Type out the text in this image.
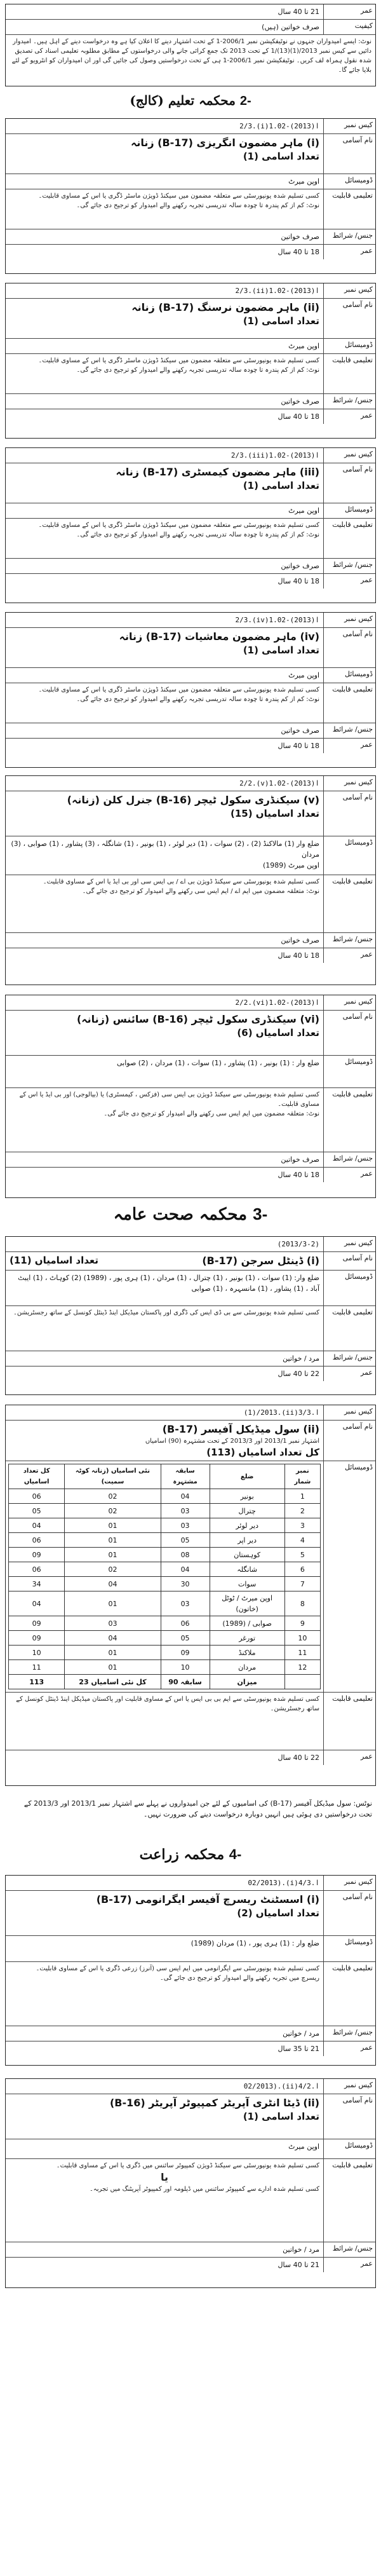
عمر
21 تا 40 سال
کیفیت
صرف خواتین (ہیں)
نوٹ: ایسے امیدواران جنہوں نے نوٹیفکیشن نمبر 2006/1-1 کے تحت اشتہار دینے کا اعلان کیا ہے وہ درخواست دینے کے اہل ہیں۔ امیدوار دائیں سے کیس نمبر 2013/(1)(13)/1 کے تحت 2013 تک جمع کرائی جانے والی درخواستوں کے مطابق مطلوبہ تعلیمی اسناد کی تصدیق شدہ نقول ہمراہ لف کریں۔ نوٹیفکیشن نمبر 2006/1-1 ہی کے تحت درخواستیں وصول کی جائیں گی اور ان امیدواران کو انٹرویو کے لئے بلایا جائے گا۔
-2 محکمہ تعلیم (کالج)
کیس نمبر
2/3.(i)1.ا(2013)-02
نام آسامی
(i) ماہر مضمون انگریزی (B-17) زنانہ
تعداد اسامی (1)
ڈومیسائل
اوپن میرٹ
تعلیمی قابلیت
کسی تسلیم شدہ یونیورسٹی سے متعلقہ مضمون میں سیکنڈ ڈویژن ماسٹر ڈگری یا اس کے مساوی قابلیت۔
نوٹ: کم از کم پندرہ تا چودہ سالہ تدریسی تجربہ رکھنے والے امیدوار کو ترجیح دی جائے گی۔
جنس/ شرائط
صرف خواتین
عمر
18 تا 40 سال
کیس نمبر
2/3.(ii)1.ا(2013)-02
نام آسامی
(ii) ماہر مضمون نرسنگ (B-17) زنانہ
تعداد اسامی (1)
ڈومیسائل
اوپن میرٹ
تعلیمی قابلیت
کسی تسلیم شدہ یونیورسٹی سے متعلقہ مضمون میں سیکنڈ ڈویژن ماسٹر ڈگری یا اس کے مساوی قابلیت۔
نوٹ: کم از کم پندرہ تا چودہ سالہ تدریسی تجربہ رکھنے والے امیدوار کو ترجیح دی جائے گی۔
جنس/ شرائط
صرف خواتین
عمر
18 تا 40 سال
کیس نمبر
2/3.(iii)1.ا(2013)-02
نام آسامی
(iii) ماہر مضمون کیمسٹری (B-17) زنانہ
تعداد اسامی (1)
ڈومیسائل
اوپن میرٹ
تعلیمی قابلیت
کسی تسلیم شدہ یونیورسٹی سے متعلقہ مضمون میں سیکنڈ ڈویژن ماسٹر ڈگری یا اس کے مساوی قابلیت۔
نوٹ: کم از کم پندرہ تا چودہ سالہ تدریسی تجربہ رکھنے والے امیدوار کو ترجیح دی جائے گی۔
جنس/ شرائط
صرف خواتین
عمر
18 تا 40 سال
کیس نمبر
2/3.(iv)1.ا(2013)-02
نام آسامی
(iv) ماہر مضمون معاشیات (B-17) زنانہ
تعداد اسامی (1)
ڈومیسائل
اوپن میرٹ
تعلیمی قابلیت
کسی تسلیم شدہ یونیورسٹی سے متعلقہ مضمون میں سیکنڈ ڈویژن ماسٹر ڈگری یا اس کے مساوی قابلیت۔
نوٹ: کم از کم پندرہ تا چودہ سالہ تدریسی تجربہ رکھنے والے امیدوار کو ترجیح دی جائے گی۔
جنس/ شرائط
صرف خواتین
عمر
18 تا 40 سال
کیس نمبر
2/2.(v)1.ا(2013)-02
نام آسامی
(v) سیکنڈری سکول ٹیچر (B-16) جنرل کلن (زنانہ)
تعداد اسامیاں (15)
ڈومیسائل
ضلع وار (1) مالاکنڈ (2) ، (2) سوات ، (1) دیر لوئر ، (1) بونیر ، (1) شانگلہ ، (3) پشاور ، (1) صوابی ، (3) مردان
اوپن میرٹ (1989)
تعلیمی قابلیت
کسی تسلیم شدہ یونیورسٹی سے سیکنڈ ڈویژن بی اے / بی ایس سی اور بی ایڈ یا اس کے مساوی قابلیت۔
نوٹ: متعلقہ مضمون میں ایم اے / ایم ایس سی رکھنے والے امیدوار کو ترجیح دی جائے گی۔
جنس/ شرائط
صرف خواتین
عمر
18 تا 40 سال
کیس نمبر
2/2.(vi)1.ا(2013)-02
نام آسامی
(vi) سیکنڈری سکول ٹیچر (B-16) سائنس (زنانہ)
تعداد اسامیاں (6)
ڈومیسائل
ضلع وار : (1) بونیر ، (1) پشاور ، (1) سوات ، (1) مردان ، (2) صوابی
تعلیمی قابلیت
کسی تسلیم شدہ یونیورسٹی سے سیکنڈ ڈویژن بی ایس سی (فزکس ، کیمسٹری) یا (بیالوجی) اور بی ایڈ یا اس کے مساوی قابلیت۔
نوٹ: متعلقہ مضمون میں ایم ایس سی رکھنے والے امیدوار کو ترجیح دی جائے گی۔
جنس/ شرائط
صرف خواتین
عمر
18 تا 40 سال
-3 محکمہ صحت عامہ
کیس نمبر
(2013/3-2)
نام آسامی
(i) ڈینٹل سرجن (B-17)
تعداد اسامیاں (11)
ڈومیسائل
ضلع وار: (1) سوات ، (1) بونیر ، (1) چترال ، (1) مردان ، (1) ہری پور ، (1989) (2) کوہاٹ ، (1) ایبٹ آباد ، (1) پشاور ، (1) مانسہرہ ، (1) صوابی
تعلیمی قابلیت
کسی تسلیم شدہ یونیورسٹی سے بی ڈی ایس کی ڈگری اور پاکستان میڈیکل اینڈ ڈینٹل کونسل کے ساتھ رجسٹریشن۔
جنس/ شرائط
مرد / خواتین
عمر
22 تا 40 سال
کیس نمبر
(1)/2013.(ii)3/3.ا
نام آسامی
(ii) سول میڈیکل آفیسر (B-17)
اشتہار نمبر 2013/1 اور 2013/3 کے تحت مشتہرہ (90) اسامیاں
کل تعداد اسامیاں (113)
ڈومیسائل
نمبر شمار	ضلع	سابقہ مشتہرہ	نئی اسامیاں (زنانہ کوٹہ سمیت)	کل تعداد اسامیاں
1	بونیر	04	02	06
2	چترال	03	02	05
3	دیر لوئر	03	01	04
4	دیر اپر	05	01	06
5	کوہستان	08	01	09
6	شانگلہ	04	02	06
7	سوات	30	04	34
8	اوپن میرٹ / ٹوٹل (خاتون)	03	01	04
9	صوابی / (1989)	06	03	09
10	تورغر	05	04	09
11	ملاکنڈ	09	01	10
12	مردان	10	01	11
	میزان	سابقہ 90	کل نئی اسامیاں 23	113
تعلیمی قابلیت
کسی تسلیم شدہ یونیورسٹی سے ایم بی بی ایس یا اس کے مساوی قابلیت اور پاکستان میڈیکل اینڈ ڈینٹل کونسل کے ساتھ رجسٹریشن۔
عمر
22 تا 40 سال
نوٹس: سول میڈیکل آفیسر (B-17) کی اسامیوں کے لئے جن امیدواروں نے پہلے سے اشتہار نمبر 2013/1 اور 2013/3 کے تحت درخواستیں دی ہوئی ہیں انہیں دوبارہ درخواست دینے کی ضرورت نہیں۔
-4 محکمہ زراعت
کیس نمبر
02/2013).(i)4/3.ا
نام آسامی
(i) اسسٹنٹ ریسرچ آفیسر ایگرانومی (B-17)
تعداد اسامیاں (2)
ڈومیسائل
ضلع وار : (1) ہری پور ، (1) مردان (1989)
تعلیمی قابلیت
کسی تسلیم شدہ یونیورسٹی سے ایگرانومی میں ایم ایس سی (آنرز) زرعی ڈگری یا اس کے مساوی قابلیت۔
ریسرچ میں تجربہ رکھنے والے امیدوار کو ترجیح دی جائے گی۔
جنس/ شرائط
مرد / خواتین
عمر
21 تا 35 سال
کیس نمبر
02/2013).(ii)4/2.ا
نام آسامی
(ii) ڈیٹا انٹری آپریٹر کمپیوٹر آپریٹر (B-16)
تعداد اسامی (1)
ڈومیسائل
اوپن میرٹ
تعلیمی قابلیت
کسی تسلیم شدہ یونیورسٹی سے سیکنڈ ڈویژن کمپیوٹر سائنس میں ڈگری یا اس کے مساوی قابلیت۔
یا
کسی تسلیم شدہ ادارے سے کمپیوٹر سائنس میں ڈپلومہ اور کمپیوٹر آپریٹنگ میں تجربہ۔
جنس/ شرائط
مرد / خواتین
عمر
21 تا 40 سال
